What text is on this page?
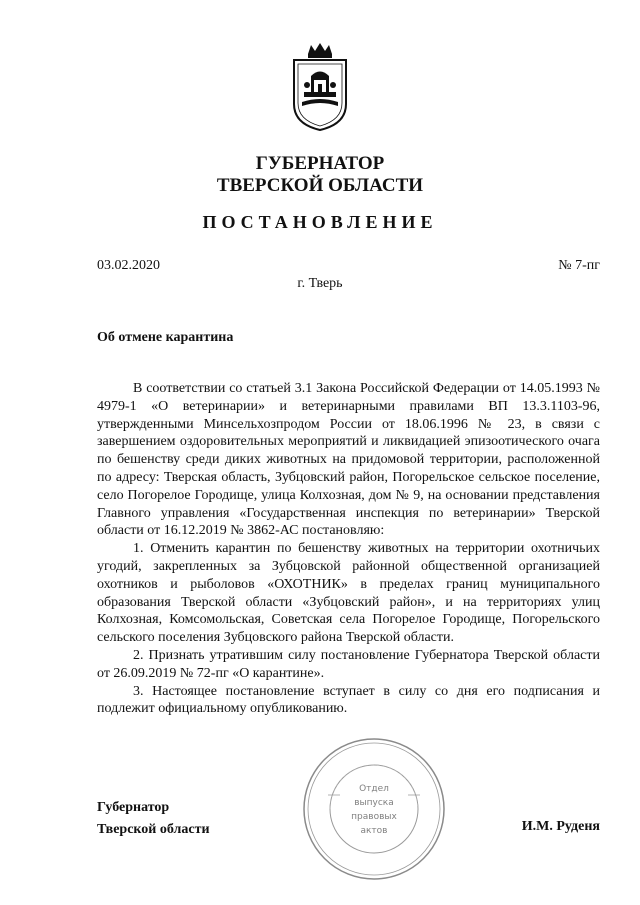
ГУБЕРНАТОР
ТВЕРСКОЙ ОБЛАСТИ
ПОСТАНОВЛЕНИЕ
03.02.2020	№ 7-пг
г. Тверь
Об отмене карантина

В соответствии со статьей 3.1 Закона Российской Федерации от 14.05.1993 № 4979-1 «О ветеринарии» и ветеринарными правилами ВП 13.3.1103-96, утвержденными Минсельхозпродом России от 18.06.1996 № 23, в связи с завершением оздоровительных мероприятий и ликвидацией эпизоотического очага по бешенству среди диких животных на придомовой территории, расположенной по адресу: Тверская область, Зубцовский район, Погорельское сельское поселение, село Погорелое Городище, улица Колхозная, дом № 9, на основании представления Главного управления «Государственная инспекция по ветеринарии» Тверской области от 16.12.2019 № 3862-АС постановляю:

1. Отменить карантин по бешенству животных на территории охотничьих угодий, закрепленных за Зубцовской районной общественной организацией охотников и рыболовов «ОХОТНИК» в пределах границ муниципального образования Тверской области «Зубцовский район», и на территориях улиц Колхозная, Комсомольская, Советская села Погорелое Городище, Погорельского сельского поселения Зубцовского района Тверской области.

2. Признать утратившим силу постановление Губернатора Тверской области от 26.09.2019 № 72-пг «О карантине».

3. Настоящее постановление вступает в силу со дня его подписания и подлежит официальному опубликованию.

Губернатор
Тверской области	И.М. Руденя
Отдел
выпуска
правовых
актов
